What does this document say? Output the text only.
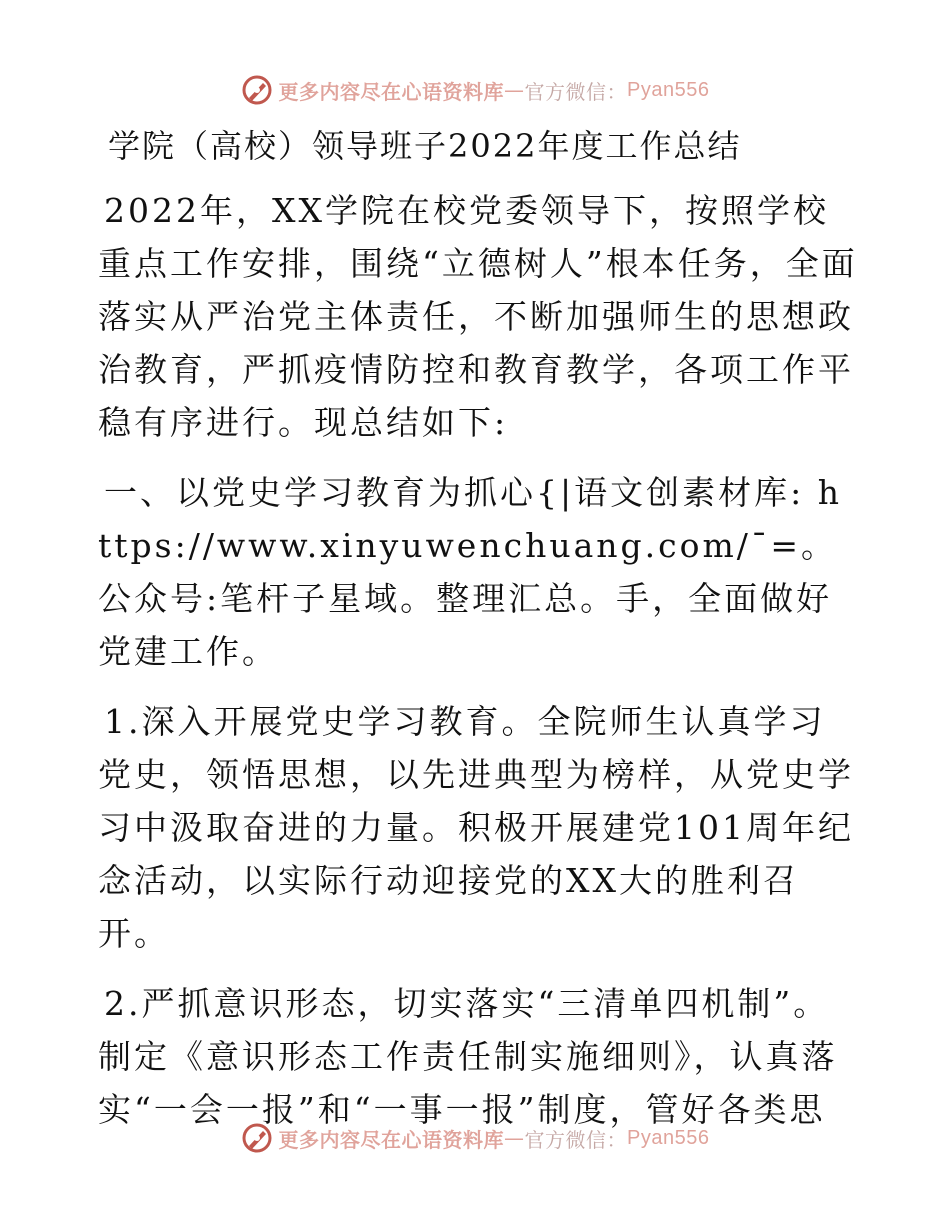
更多内容尽在心语资料库 — 官方微信： Pyan556
学院（高校）领导班子2022年度工作总结

2022年，XX学院在校党委领导下，按照学校重点工作安排，围绕“立德树人”根本任务，全面落实从严治党主体责任，不断加强师生的思想政治教育，严抓疫情防控和教育教学，各项工作平稳有序进行。现总结如下:

一、以党史学习教育为抓心{|语文创素材库: https://www.xinyuwenchuang.com/¯=。公众号:笔杆子星域。整理汇总。手，全面做好党建工作。

1.深入开展党史学习教育。全院师生认真学习党史，领悟思想，以先进典型为榜样，从党史学习中汲取奋进的力量。积极开展建党101周年纪念活动，以实际行动迎接党的XX大的胜利召开。

2.严抓意识形态，切实落实“三清单四机制”。制定《意识形态工作责任制实施细则》，认真落实“一会一报”和“一事一报”制度，管好各类思

更多内容尽在心语资料库 — 官方微信： Pyan556
